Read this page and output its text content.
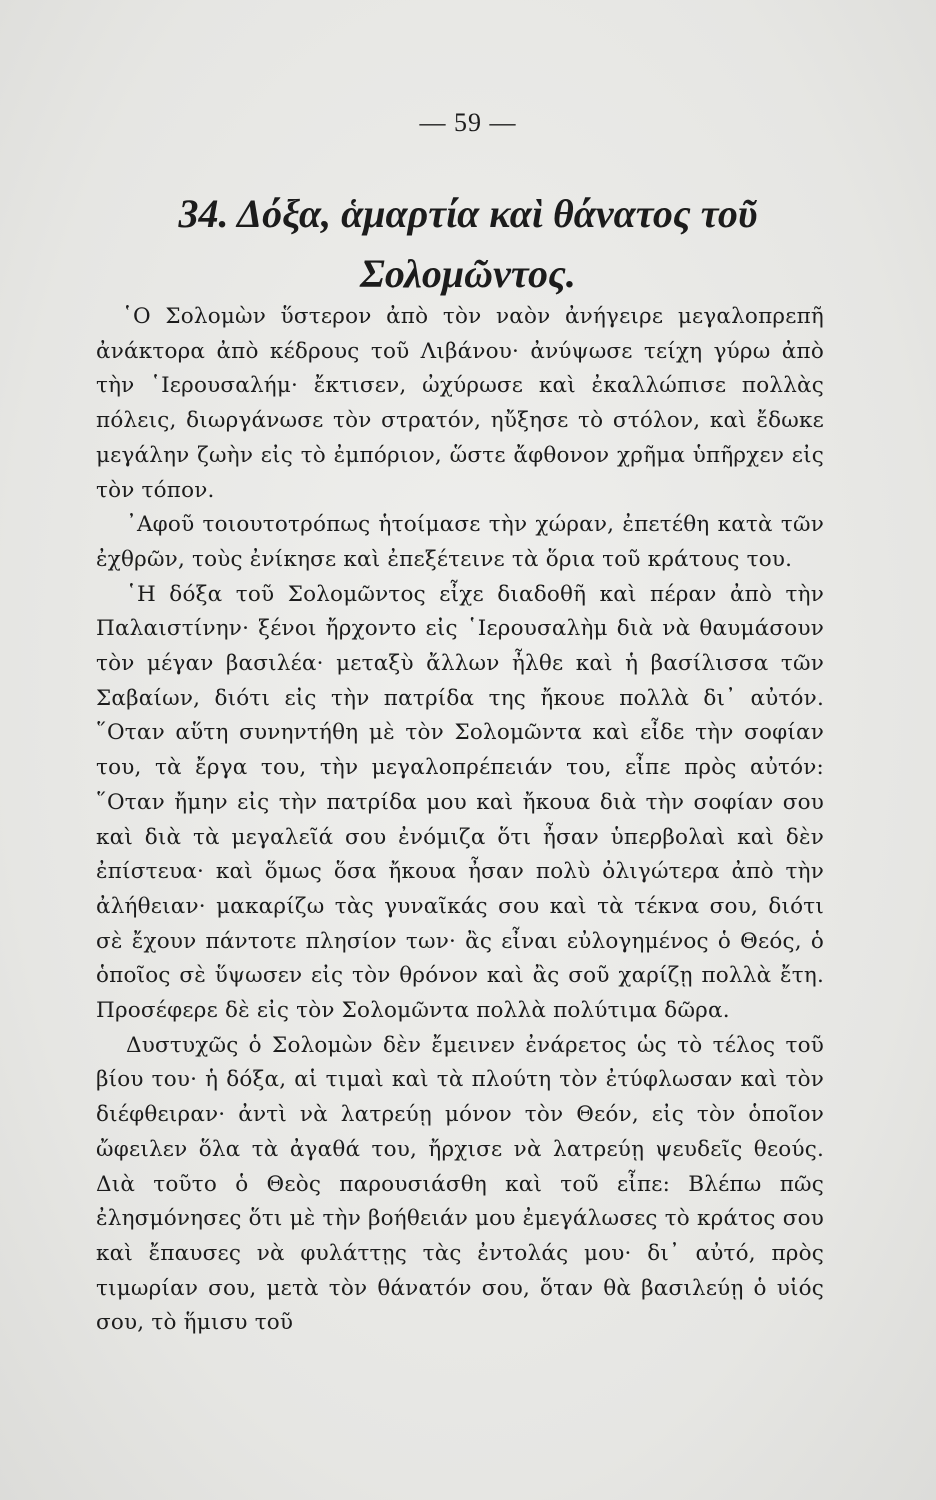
— 59 —
34. Δόξα, ἁμαρτία καὶ θάνατος τοῦ
Σολομῶντος.

῾Ο Σολομὼν ὕστερον ἀπὸ τὸν ναὸν ἀνήγειρε μεγαλοπρεπῆ ἀνάκτορα ἀπὸ κέδρους τοῦ Λιβάνου· ἀνύψωσε τείχη γύρω ἀπὸ τὴν ῾Ιερουσαλήμ· ἔκτισεν, ὠχύρωσε καὶ ἐκαλλώπισε πολλὰς πόλεις, διωργάνωσε τὸν στρατόν, ηὔξησε τὸ στόλον, καὶ ἔδωκε μεγάλην ζωὴν εἰς τὸ ἐμπόριον, ὥστε ἄφθονον χρῆμα ὑπῆρχεν εἰς τὸν τόπον.

᾿Αφοῦ τοιουτοτρόπως ἡτοίμασε τὴν χώραν, ἐπετέθη κατὰ τῶν ἐχθρῶν, τοὺς ἐνίκησε καὶ ἐπεξέτεινε τὰ ὅρια τοῦ κράτους του.

῾Η δόξα τοῦ Σολομῶντος εἶχε διαδοθῆ καὶ πέραν ἀπὸ τὴν Παλαιστίνην· ξένοι ἤρχοντο εἰς ῾Ιερουσαλὴμ διὰ νὰ θαυμάσουν τὸν μέγαν βασιλέα· μεταξὺ ἄλλων ἦλθε καὶ ἡ βασίλισσα τῶν Σαβαίων, διότι εἰς τὴν πατρίδα της ἤκουε πολλὰ δι᾿ αὐτόν. ῞Οταν αὕτη συνηντήθη μὲ τὸν Σολομῶντα καὶ εἶδε τὴν σοφίαν του, τὰ ἔργα του, τὴν μεγαλοπρέπειάν του, εἶπε πρὸς αὐτόν: ῞Οταν ἤμην εἰς τὴν πατρίδα μου καὶ ἤκουα διὰ τὴν σοφίαν σου καὶ διὰ τὰ μεγαλεῖά σου ἐνόμιζα ὅτι ἦσαν ὑπερβολαὶ καὶ δὲν ἐπίστευα· καὶ ὅμως ὅσα ἤκουα ἦσαν πολὺ ὀλιγώτερα ἀπὸ τὴν ἀλήθειαν· μακαρίζω τὰς γυναῖκάς σου καὶ τὰ τέκνα σου, διότι σὲ ἔχουν πάντοτε πλησίον των· ἂς εἶναι εὐλογημένος ὁ Θεός, ὁ ὁποῖος σὲ ὕψωσεν εἰς τὸν θρόνον καὶ ἂς σοῦ χαρίζῃ πολλὰ ἔτη. Προσέφερε δὲ εἰς τὸν Σολομῶντα πολλὰ πολύτιμα δῶρα.

Δυστυχῶς ὁ Σολομὼν δὲν ἔμεινεν ἐνάρετος ὡς τὸ τέλος τοῦ βίου του· ἡ δόξα, αἱ τιμαὶ καὶ τὰ πλούτη τὸν ἐτύφλωσαν καὶ τὸν διέφθειραν· ἀντὶ νὰ λατρεύῃ μόνον τὸν Θεόν, εἰς τὸν ὁποῖον ὤφειλεν ὅλα τὰ ἀγαθά του, ἤρχισε νὰ λατρεύῃ ψευδεῖς θεούς. Διὰ τοῦτο ὁ Θεὸς παρουσιάσθη καὶ τοῦ εἶπε: Βλέπω πῶς ἐλησμόνησες ὅτι μὲ τὴν βοήθειάν μου ἐμεγάλωσες τὸ κράτος σου καὶ ἔπαυσες νὰ φυλάττῃς τὰς ἐντολάς μου· δι᾿ αὐτό, πρὸς τιμωρίαν σου, μετὰ τὸν θάνατόν σου, ὅταν θὰ βασιλεύῃ ὁ υἱός σου, τὸ ἥμισυ τοῦ
